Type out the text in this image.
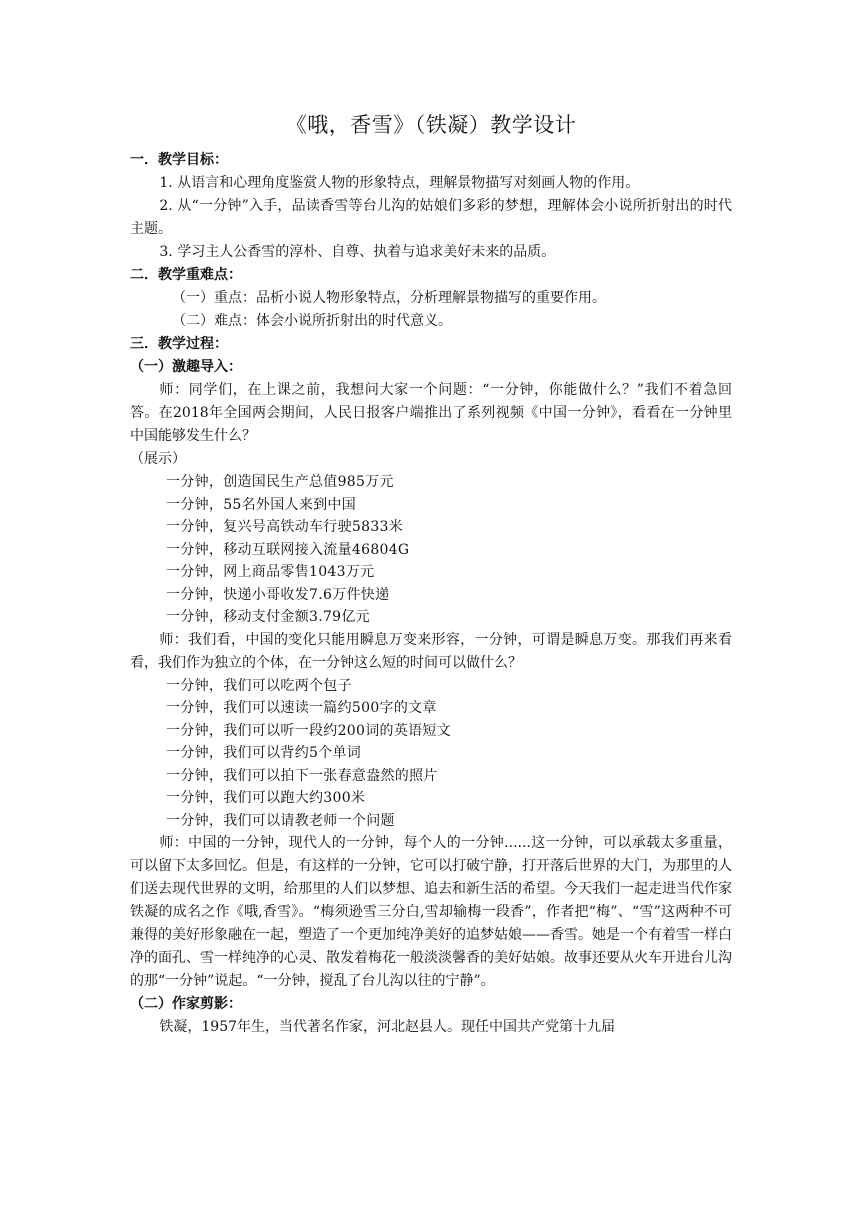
《哦，香雪》（铁凝）教学设计

一．教学目标：

1. 从语言和心理角度鉴赏人物的形象特点，理解景物描写对刻画人物的作用。

2. 从“一分钟”入手，品读香雪等台儿沟的姑娘们多彩的梦想，理解体会小说所折射出的时代主题。

3. 学习主人公香雪的淳朴、自尊、执着与追求美好未来的品质。

二．教学重难点：

（一）重点：品析小说人物形象特点，分析理解景物描写的重要作用。

（二）难点：体会小说所折射出的时代意义。

三．教学过程：

（一）激趣导入：

师：同学们，在上课之前，我想问大家一个问题：“一分钟，你能做什么？”我们不着急回答。在2018年全国两会期间，人民日报客户端推出了系列视频《中国一分钟》，看看在一分钟里中国能够发生什么？

（展示）

一分钟，创造国民生产总值985万元

一分钟，55名外国人来到中国

一分钟，复兴号高铁动车行驶5833米

一分钟，移动互联网接入流量46804G

一分钟，网上商品零售1043万元

一分钟，快递小哥收发7.6万件快递

一分钟，移动支付金额3.79亿元

师：我们看，中国的变化只能用瞬息万变来形容，一分钟，可谓是瞬息万变。那我们再来看看，我们作为独立的个体，在一分钟这么短的时间可以做什么？

一分钟，我们可以吃两个包子

一分钟，我们可以速读一篇约500字的文章

一分钟，我们可以听一段约200词的英语短文

一分钟，我们可以背约5个单词

一分钟，我们可以拍下一张春意盎然的照片

一分钟，我们可以跑大约300米

一分钟，我们可以请教老师一个问题

师：中国的一分钟，现代人的一分钟，每个人的一分钟......这一分钟，可以承载太多重量，可以留下太多回忆。但是，有这样的一分钟，它可以打破宁静，打开落后世界的大门，为那里的人们送去现代世界的文明，给那里的人们以梦想、追去和新生活的希望。今天我们一起走进当代作家铁凝的成名之作《哦,香雪》。“梅须逊雪三分白,雪却输梅一段香”，作者把“梅”、“雪”这两种不可兼得的美好形象融在一起，塑造了一个更加纯净美好的追梦姑娘——香雪。她是一个有着雪一样白净的面孔、雪一样纯净的心灵、散发着梅花一般淡淡馨香的美好姑娘。故事还要从火车开进台儿沟的那“一分钟”说起。“一分钟，搅乱了台儿沟以往的宁静”。

（二）作家剪影：

铁凝，1957年生，当代著名作家，河北赵县人。现任中国共产党第十九届
